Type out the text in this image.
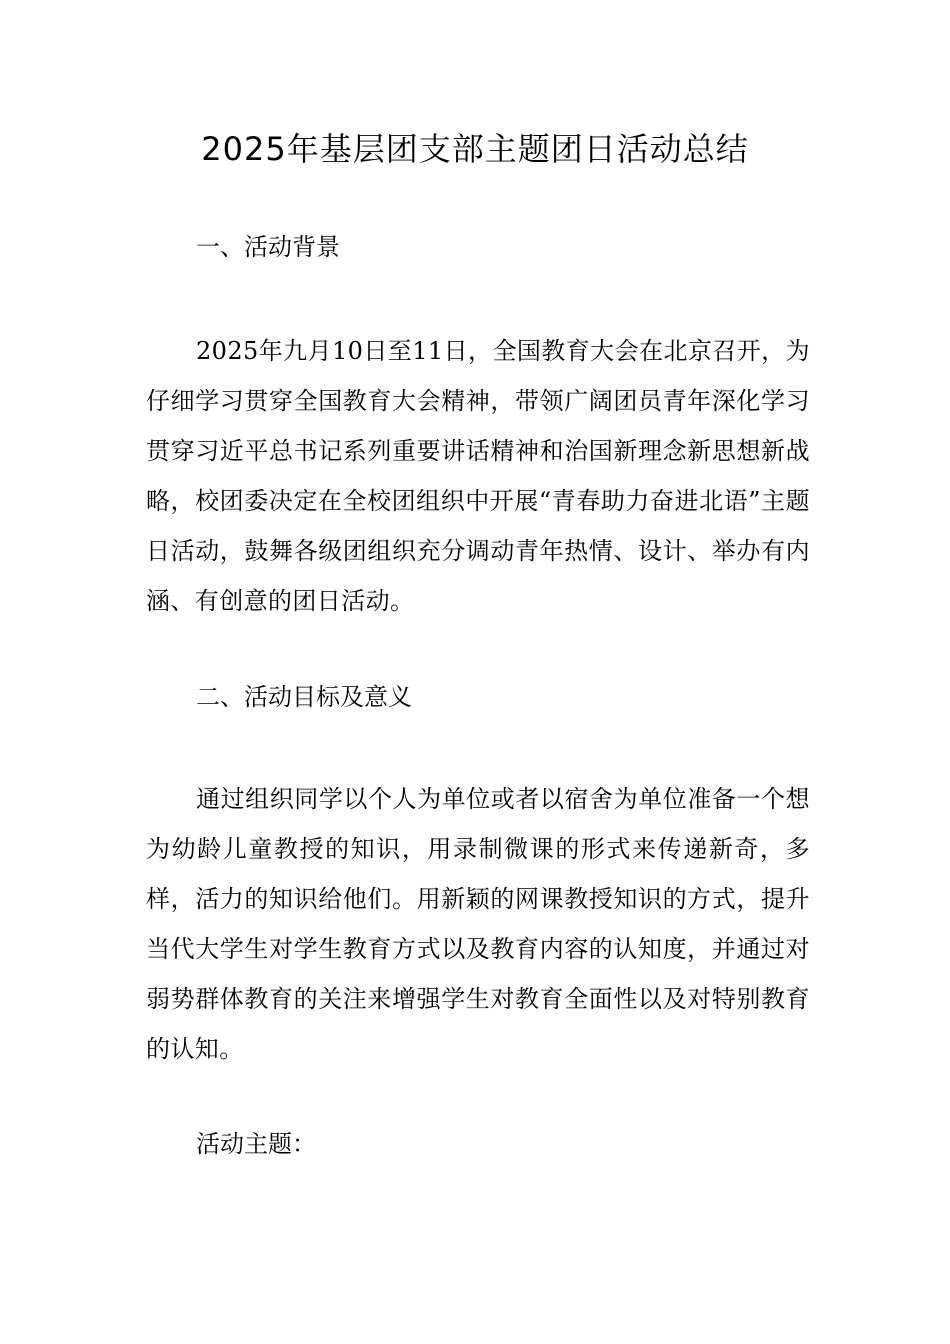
2025年基层团支部主题团日活动总结
一、活动背景

2025年九月10日至11日，全国教育大会在北京召开，为仔细学习贯穿全国教育大会精神，带领广阔团员青年深化学习贯穿习近平总书记系列重要讲话精神和治国新理念新思想新战略，校团委决定在全校团组织中开展“青春助力奋进北语”主题日活动，鼓舞各级团组织充分调动青年热情、设计、举办有内涵、有创意的团日活动。

二、活动目标及意义

通过组织同学以个人为单位或者以宿舍为单位准备一个想为幼龄儿童教授的知识，用录制微课的形式来传递新奇，多样，活力的知识给他们。用新颖的网课教授知识的方式，提升当代大学生对学生教育方式以及教育内容的认知度，并通过对弱势群体教育的关注来增强学生对教育全面性以及对特别教育的认知。

活动主题：
